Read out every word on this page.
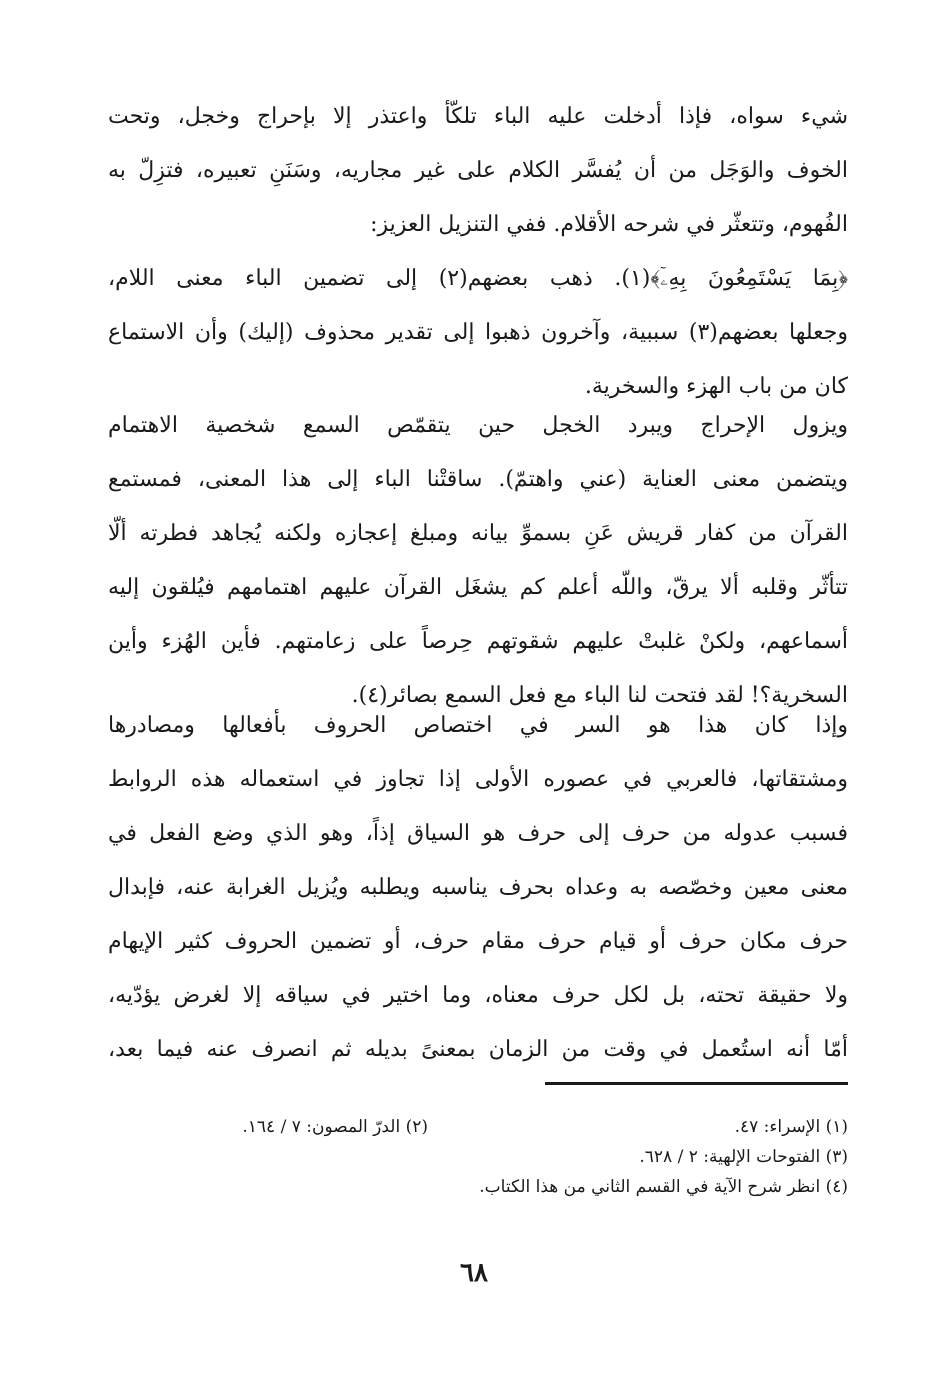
شيء سواه، فإذا أدخلت عليه الباء تلكّأ واعتذر إلا بإحراج وخجل، وتحت
الخوف والوَجَل من أن يُفسَّر الكلام على غير مجاريه، وسَنَنِ تعبيره، فتزِلّ به
الفُهوم، وتتعثّر في شرحه الأقلام. ففي التنزيل العزيز:
﴿بِمَا يَسْتَمِعُونَ بِهِۦٓ﴾(١). ذهب بعضهم(٢) إلى تضمين الباء معنى اللام،
وجعلها بعضهم(٣) سببية، وآخرون ذهبوا إلى تقدير محذوف (إليك) وأن الاستماع
كان من باب الهزء والسخرية.
ويزول الإحراج ويبرد الخجل حين يتقمّص السمع شخصية الاهتمام
ويتضمن معنى العناية (عني واهتمّ). ساقتْنا الباء إلى هذا المعنى، فمستمع
القرآن من كفار قريش عَنِ بسموِّ بيانه ومبلغ إعجازه ولكنه يُجاهد فطرته ألّا
تتأثّر وقلبه ألا يرقّ، واللّه أعلم كم يشغَل القرآن عليهم اهتمامهم فيُلقون إليه
أسماعهم، ولكنْ غلبتْ عليهم شقوتهم حِرصاً على زعامتهم. فأين الهُزء وأين
السخرية؟! لقد فتحت لنا الباء مع فعل السمع بصائر(٤).
وإذا كان هذا هو السر في اختصاص الحروف بأفعالها ومصادرها
ومشتقاتها، فالعربي في عصوره الأولى إذا تجاوز في استعماله هذه الروابط
فسبب عدوله من حرف إلى حرف هو السياق إذاً، وهو الذي وضع الفعل في
معنى معين وخصّصه به وعداه بحرف يناسبه ويطلبه ويُزيل الغرابة عنه، فإبدال
حرف مكان حرف أو قيام حرف مقام حرف، أو تضمين الحروف كثير الإيهام
ولا حقيقة تحته، بل لكل حرف معناه، وما اختير في سياقه إلا لغرض يؤدّيه،
أمّا أنه استُعمل في وقت من الزمان بمعنىً بديله ثم انصرف عنه فيما بعد،
(١) الإسراء: ٤٧.
(٢) الدرّ المصون: ٧ / ١٦٤.
(٣) الفتوحات الإلهية: ٢ / ٦٢٨.
(٤) انظر شرح الآية في القسم الثاني من هذا الكتاب.
٦٨
